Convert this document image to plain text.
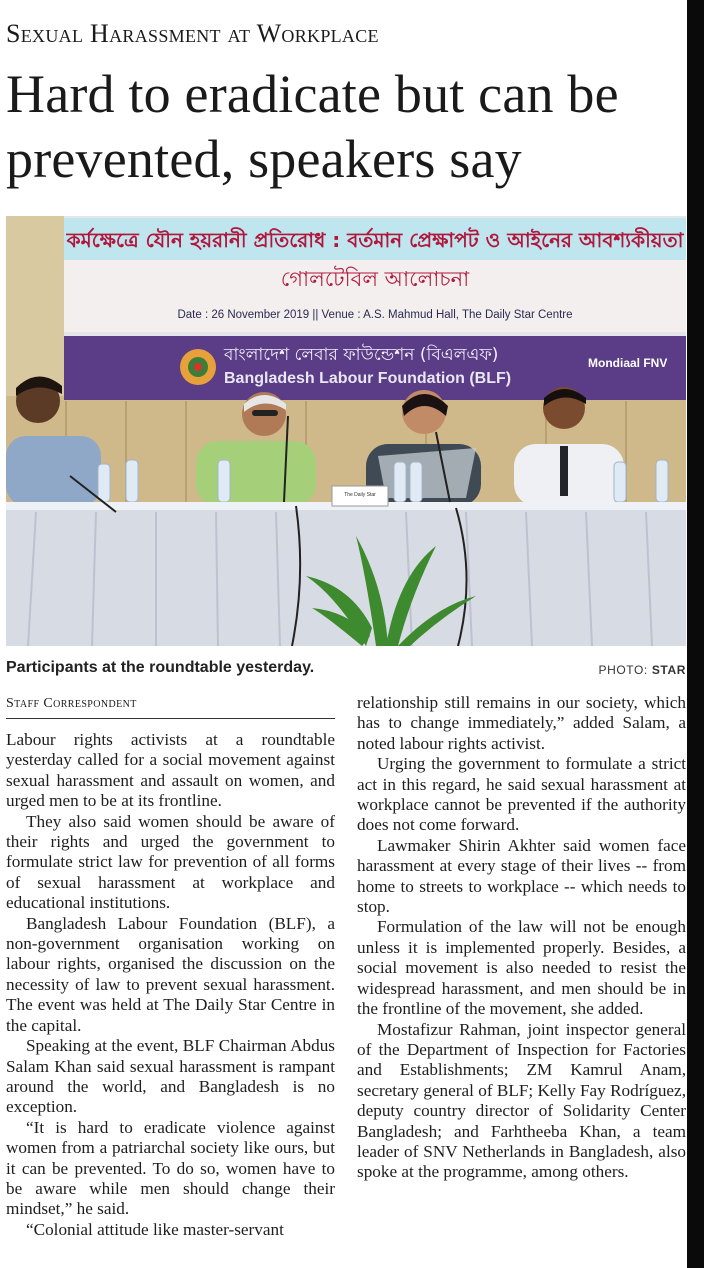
Sexual Harassment at Workplace
Hard to eradicate but can be prevented, speakers say
কর্মক্ষেত্রে যৌন হয়রানী প্রতিরোধ : বর্তমান প্রেক্ষাপট ও আইনের আবশ্যকীয়তা
গোলটেবিল আলোচনা
Date : 26 November 2019 || Venue : A.S. Mahmud Hall, The Daily Star Centre
বাংলাদেশ লেবার ফাউন্ডেশন (বিএলএফ)
Bangladesh Labour Foundation (BLF)
Mondiaal FNV
The Daily Star
Participants at the roundtable yesterday.	PHOTO: STAR
Staff Correspondent

Labour rights activists at a roundtable yesterday called for a social movement against sexual harassment and assault on women, and urged men to be at its frontline.

They also said women should be aware of their rights and urged the government to formulate strict law for prevention of all forms of sexual harassment at workplace and educational institutions.

Bangladesh Labour Foundation (BLF), a non-government organisation working on labour rights, organised the discussion on the necessity of law to prevent sexual harassment. The event was held at The Daily Star Centre in the capital.

Speaking at the event, BLF Chairman Abdus Salam Khan said sexual harassment is rampant around the world, and Bangladesh is no exception.

“It is hard to eradicate violence against women from a patriarchal society like ours, but it can be prevented. To do so, women have to be aware while men should change their mindset,” he said.

“Colonial attitude like master-servant

relationship still remains in our society, which has to change immediately,” added Salam, a noted labour rights activist.

Urging the government to formulate a strict act in this regard, he said sexual harassment at workplace cannot be prevented if the authority does not come forward.

Lawmaker Shirin Akhter said women face harassment at every stage of their lives -- from home to streets to workplace -- which needs to stop.

Formulation of the law will not be enough unless it is implemented properly. Besides, a social movement is also needed to resist the widespread harassment, and men should be in the frontline of the movement, she added.

Mostafizur Rahman, joint inspector general of the Department of Inspection for Factories and Establishments; ZM Kamrul Anam, secretary general of BLF; Kelly Fay Rodríguez, deputy country director of Solidarity Center Bangladesh; and Farhtheeba Khan, a team leader of SNV Netherlands in Bangladesh, also spoke at the programme, among others.
